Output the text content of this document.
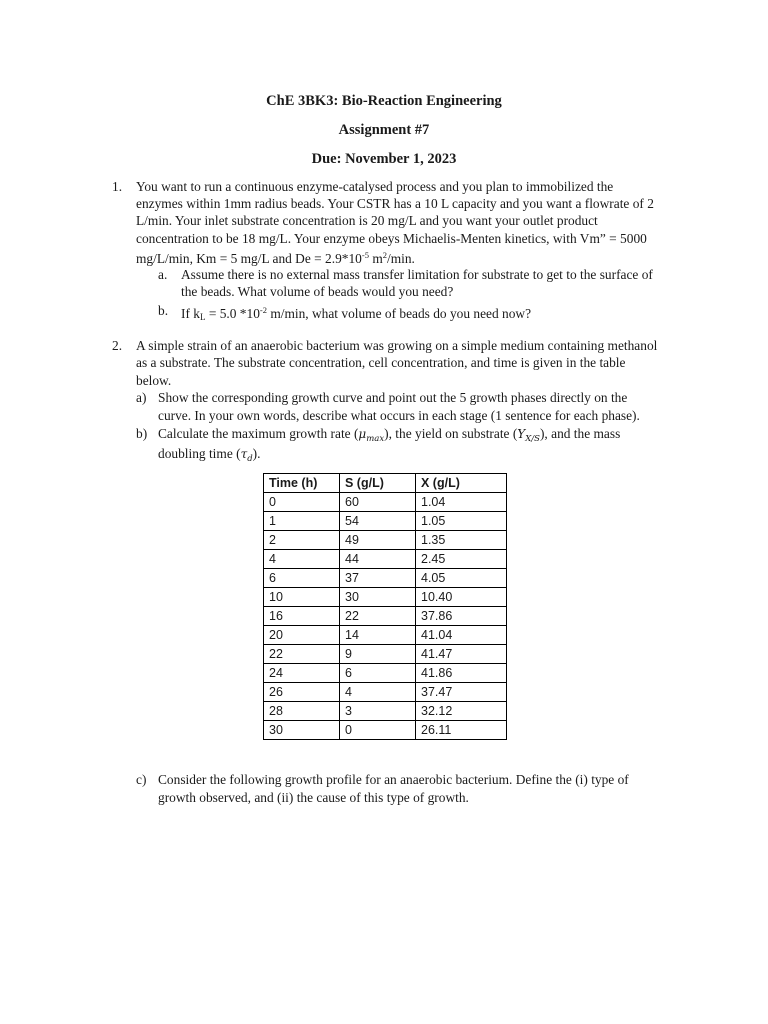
ChE 3BK3: Bio-Reaction Engineering
Assignment #7
Due: November 1, 2023
1. You want to run a continuous enzyme-catalysed process and you plan to immobilized the
enzymes within 1mm radius beads. Your CSTR has a 10 L capacity and you want a flowrate of 2
L/min. Your inlet substrate concentration is 20 mg/L and you want your outlet product
concentration to be 18 mg/L. Your enzyme obeys Michaelis-Menten kinetics, with Vm” = 5000
mg/L/min, Km = 5 mg/L and $De = 2.9*10^{-5}$ $m^2/\min$.
a. Assume there is no external mass transfer limitation for substrate to get to the surface of
the beads. What volume of beads would you need?
b. If $k_L = 5.0$ $*10^{-2}$ m/min, what volume of beads do you need now?
2. A simple strain of an anaerobic bacterium was growing on a simple medium containing methanol
as a substrate. The substrate concentration, cell concentration, and time is given in the table
below.
a) Show the corresponding growth curve and point out the 5 growth phases directly on the
curve. In your own words, describe what occurs in each stage (1 sentence for each phase).
b) Calculate the maximum growth rate $(\mu_{max})$, the yield on substrate $(Y_{X/S})$, and the mass
doubling time $(\tau_d)$.
Time (h)	S (g/L)	X (g/L)
0	60	1.04
1	54	1.05
2	49	1.35
4	44	2.45
6	37	4.05
10	30	10.40
16	22	37.86
20	14	41.04
22	9	41.47
24	6	41.86
26	4	37.47
28	3	32.12
30	0	26.11
c) Consider the following growth profile for an anaerobic bacterium. Define the (i) type of
growth observed, and (ii) the cause of this type of growth.
